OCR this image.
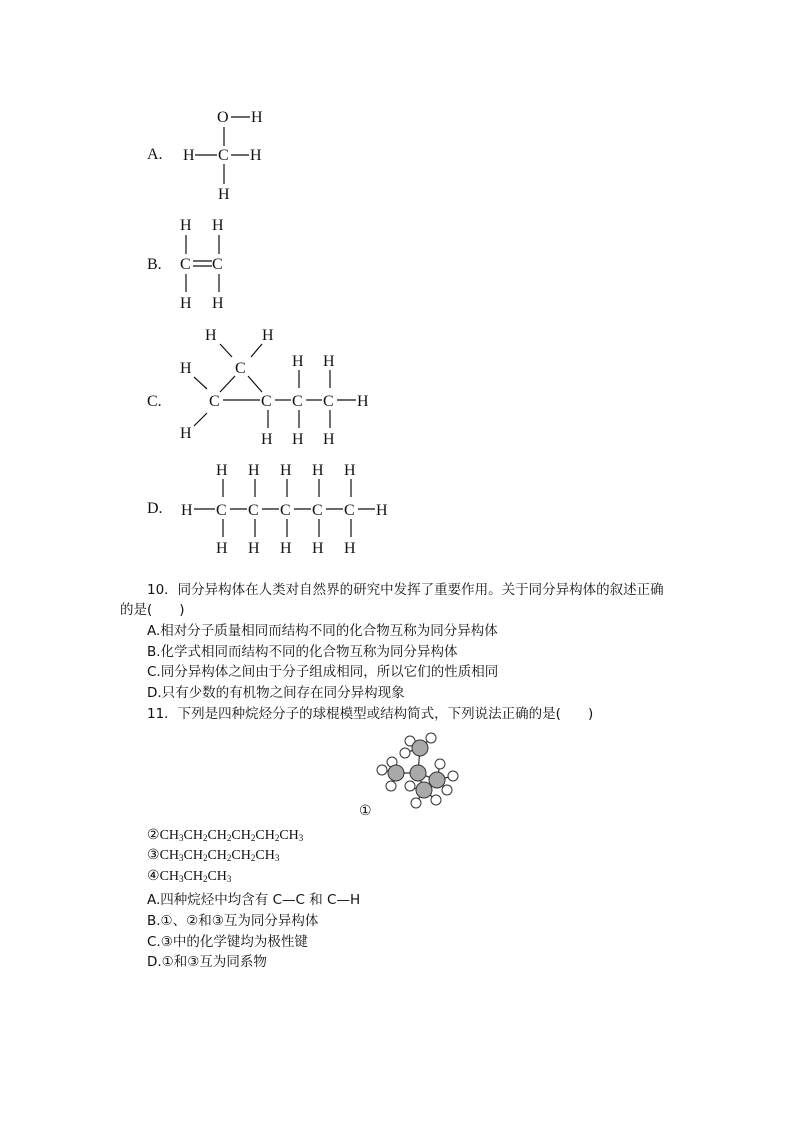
A.
O H
H C H
H
B.
H H
C C
H H
C.
H	H
C
H
H
C	C C C H
H H
H H H
D. H C C C C C H
H H H H H
H H H H H
10．同分异构体在人类对自然界的研究中发挥了重要作用。关于同分异构体的叙述正确
的是(　　)
A.相对分子质量相同而结构不同的化合物互称为同分异构体
B.化学式相同而结构不同的化合物互称为同分异构体
C.同分异构体之间由于分子组成相同，所以它们的性质相同
D.只有少数的有机物之间存在同分异构现象
11．下列是四种烷烃分子的球棍模型或结构简式，下列说法正确的是(　　)
①
$②CH_3CH_2CH_2CH_2CH_2CH_3$
$③CH_3CH_2CH_2CH_2CH_3$
$④CH_3CH_2CH_3$
A.四种烷烃中均含有 C—C 和 C—H
B.①、②和③互为同分异构体
C.③中的化学键均为极性键
D.①和③互为同系物
